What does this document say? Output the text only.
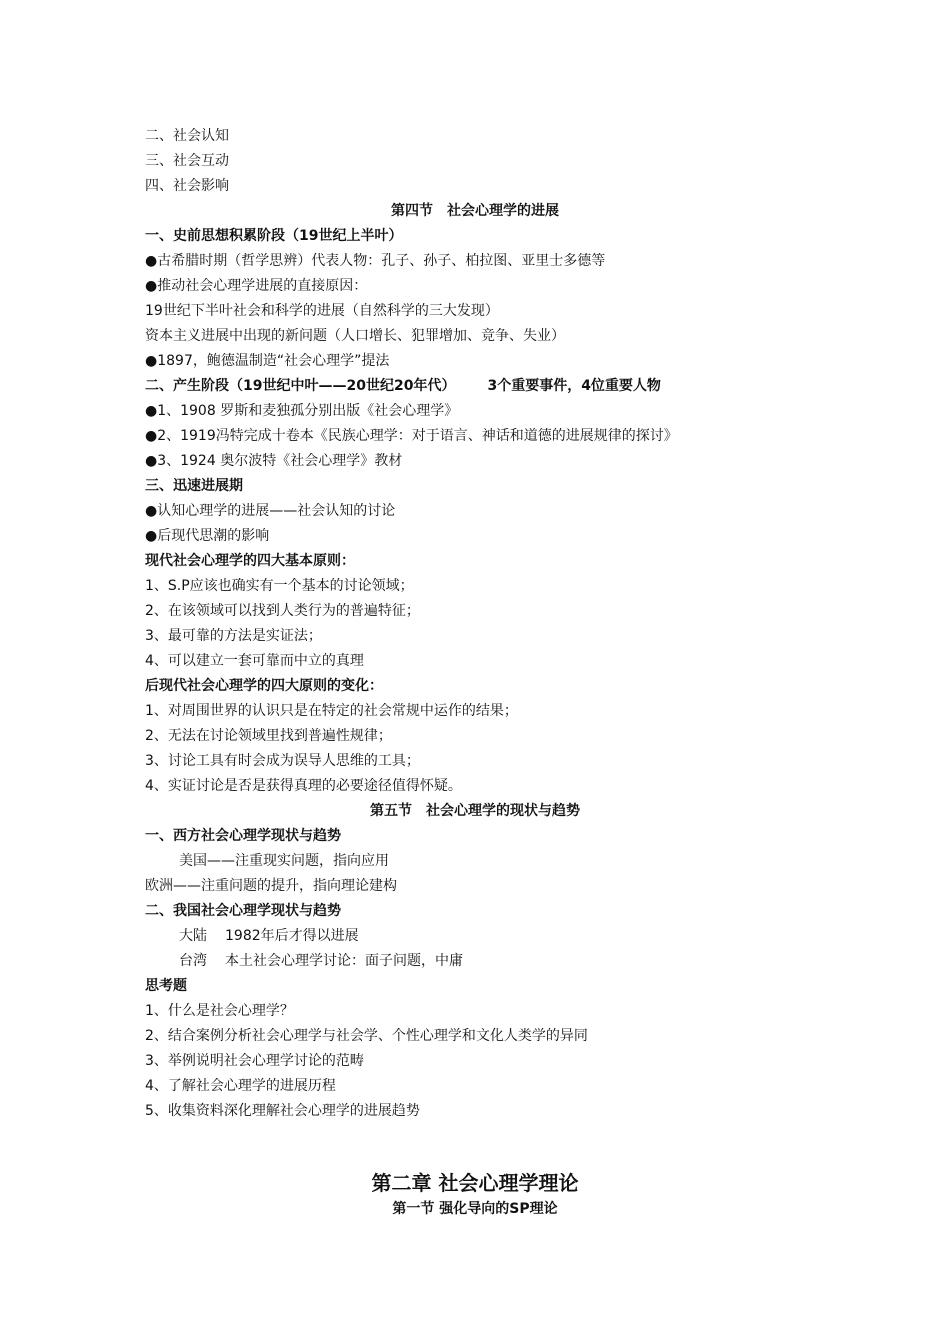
二、社会认知
三、社会互动
四、社会影响
第四节　社会心理学的进展
一、史前思想积累阶段（19世纪上半叶）
●古希腊时期（哲学思辨）代表人物：孔子、孙子、柏拉图、亚里士多德等
●推动社会心理学进展的直接原因：
19世纪下半叶社会和科学的进展（自然科学的三大发现）
资本主义进展中出现的新问题（人口增长、犯罪增加、竞争、失业）
●1897，鲍德温制造“社会心理学”提法
二、产生阶段（19世纪中叶——20世纪20年代） 3个重要事件，4位重要人物
●1、1908 罗斯和麦独孤分别出版《社会心理学》
●2、1919冯特完成十卷本《民族心理学：对于语言、神话和道德的进展规律的探讨》
●3、1924 奥尔波特《社会心理学》教材
三、迅速进展期
●认知心理学的进展——社会认知的讨论
●后现代思潮的影响
现代社会心理学的四大基本原则：
1、S.P应该也确实有一个基本的讨论领域；
2、在该领域可以找到人类行为的普遍特征；
3、最可靠的方法是实证法；
4、可以建立一套可靠而中立的真理
后现代社会心理学的四大原则的变化：
1、对周围世界的认识只是在特定的社会常规中运作的结果；
2、无法在讨论领域里找到普遍性规律；
3、讨论工具有时会成为误导人思维的工具；
4、实证讨论是否是获得真理的必要途径值得怀疑。
第五节　社会心理学的现状与趋势
一、西方社会心理学现状与趋势
美国——注重现实问题，指向应用
欧洲——注重问题的提升，指向理论建构
二、我国社会心理学现状与趋势
大陆 1982年后才得以进展
台湾 本土社会心理学讨论：面子问题，中庸
思考题
1、什么是社会心理学？
2、结合案例分析社会心理学与社会学、个性心理学和文化人类学的异同
3、举例说明社会心理学讨论的范畴
4、了解社会心理学的进展历程
5、收集资料深化理解社会心理学的进展趋势
第二章 社会心理学理论
第一节 强化导向的SP理论
